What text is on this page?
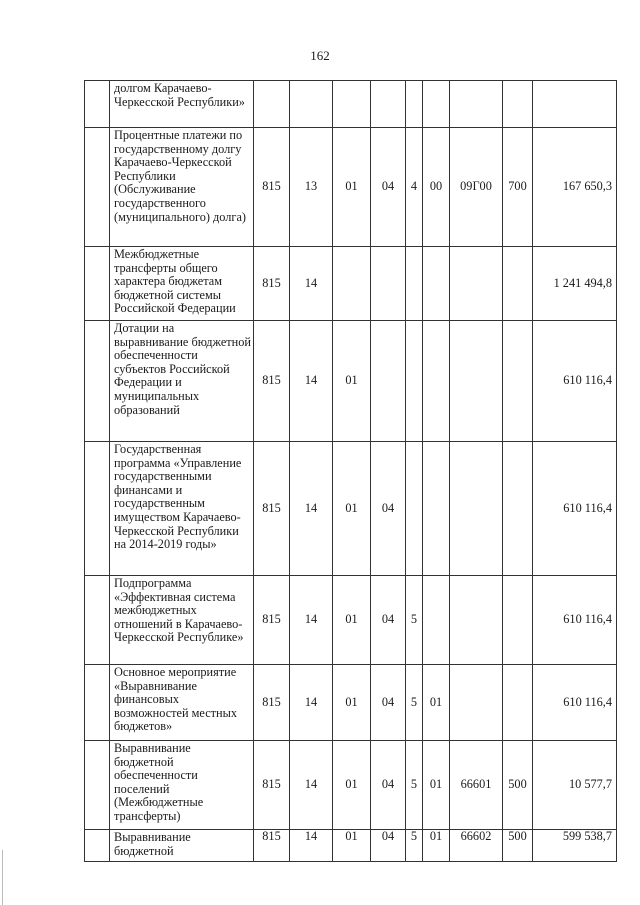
162
	долгом Карачаево-Черкесской Республики»									
	Процентные платежи по государственному долгу Карачаево-Черкесской Республики (Обслуживание государственного (муниципального) долга)	815	13	01	04	4	00	09Г00	700	167 650,3
	Межбюджетные трансферты общего характера бюджетам бюджетной системы Российской Федерации	815	14							1 241 494,8
	Дотации на выравнивание бюджетной обеспеченности субъектов Российской Федерации и муниципальных образований	815	14	01						610 116,4
	Государственная программа «Управление государственными финансами и государственным имуществом Карачаево-Черкесской Республики на 2014-2019 годы»	815	14	01	04					610 116,4
	Подпрограмма «Эффективная система межбюджетных отношений в Карачаево-Черкесской Республике»	815	14	01	04	5				610 116,4
	Основное мероприятие «Выравнивание финансовых возможностей местных бюджетов»	815	14	01	04	5	01			610 116,4
	Выравнивание бюджетной обеспеченности поселений (Межбюджетные трансферты)	815	14	01	04	5	01	66601	500	10 577,7
	Выравнивание бюджетной	815	14	01	04	5	01	66602	500	599 538,7
